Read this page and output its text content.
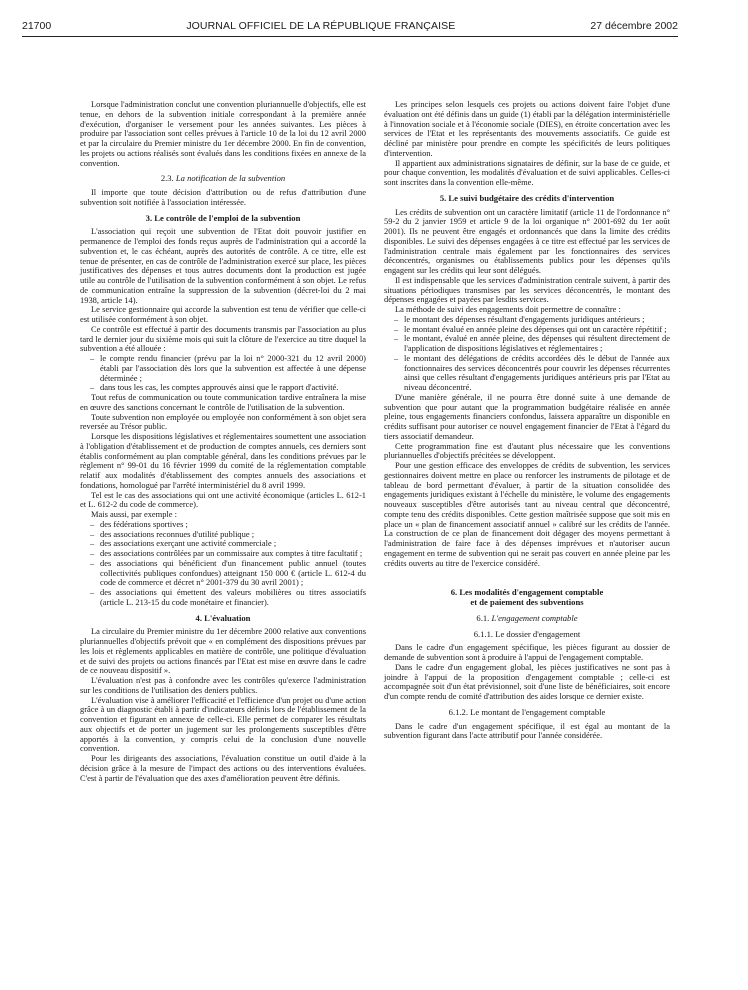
21700	JOURNAL OFFICIEL DE LA RÉPUBLIQUE FRANÇAISE	27 décembre 2002

Lorsque l'administration conclut une convention pluriannuelle d'objectifs, elle est tenue, en dehors de la subvention initiale correspondant à la première année d'exécution, d'organiser le versement pour les années suivantes. Les pièces à produire par l'association sont celles prévues à l'article 10 de la loi du 12 avril 2000 et par la circulaire du Premier ministre du 1er décembre 2000. En fin de convention, les projets ou actions réalisés sont évalués dans les conditions fixées en annexe de la convention.

2.3. La notification de la subvention

Il importe que toute décision d'attribution ou de refus d'attribution d'une subvention soit notifiée à l'association intéressée.

3. Le contrôle de l'emploi de la subvention

L'association qui reçoit une subvention de l'Etat doit pouvoir justifier en permanence de l'emploi des fonds reçus auprès de l'administration qui a accordé la subvention et, le cas échéant, auprès des autorités de contrôle. A ce titre, elle est tenue de présenter, en cas de contrôle de l'administration exercé sur place, les pièces justificatives des dépenses et tous autres documents dont la production est jugée utile au contrôle de l'utilisation de la subvention conformément à son objet. Le refus de communication entraîne la suppression de la subvention (décret-loi du 2 mai 1938, article 14).

Le service gestionnaire qui accorde la subvention est tenu de vérifier que celle-ci est utilisée conformément à son objet.

Ce contrôle est effectué à partir des documents transmis par l'association au plus tard le dernier jour du sixième mois qui suit la clôture de l'exercice au titre duquel la subvention a été allouée :

– le compte rendu financier (prévu par la loi n° 2000-321 du 12 avril 2000) établi par l'association dès lors que la subvention est affectée à une dépense déterminée ;
– dans tous les cas, les comptes approuvés ainsi que le rapport d'activité.

Tout refus de communication ou toute communication tardive entraînera la mise en œuvre des sanctions concernant le contrôle de l'utilisation de la subvention.

Toute subvention non employée ou employée non conformément à son objet sera reversée au Trésor public.

Lorsque les dispositions législatives et réglementaires soumettent une association à l'obligation d'établissement et de production de comptes annuels, ces derniers sont établis conformément au plan comptable général, dans les conditions prévues par le règlement n° 99-01 du 16 février 1999 du comité de la réglementation comptable relatif aux modalités d'établissement des comptes annuels des associations et fondations, homologué par l'arrêté interministériel du 8 avril 1999.

Tel est le cas des associations qui ont une activité économique (articles L. 612-1 et L. 612-2 du code de commerce).

Mais aussi, par exemple :

– des fédérations sportives ;
– des associations reconnues d'utilité publique ;
– des associations exerçant une activité commerciale ;
– des associations contrôlées par un commissaire aux comptes à titre facultatif ;
– des associations qui bénéficient d'un financement public annuel (toutes collectivités publiques confondues) atteignant 150 000 € (article L. 612-4 du code de commerce et décret n° 2001-379 du 30 avril 2001) ;
– des associations qui émettent des valeurs mobilières ou titres associatifs (article L. 213-15 du code monétaire et financier).
4. L'évaluation

La circulaire du Premier ministre du 1er décembre 2000 relative aux conventions pluriannuelles d'objectifs prévoit que « en complément des dispositions prévues par les lois et règlements applicables en matière de contrôle, une politique d'évaluation et de suivi des projets ou actions financés par l'Etat est mise en œuvre dans le cadre de ce nouveau dispositif ».

L'évaluation n'est pas à confondre avec les contrôles qu'exerce l'administration sur les conditions de l'utilisation des deniers publics.

L'évaluation vise à améliorer l'efficacité et l'efficience d'un projet ou d'une action grâce à un diagnostic établi à partir d'indicateurs définis lors de l'établissement de la convention et figurant en annexe de celle-ci. Elle permet de comparer les résultats aux objectifs et de porter un jugement sur les prolongements susceptibles d'être apportés à la convention, y compris celui de la conclusion d'une nouvelle convention.

Pour les dirigeants des associations, l'évaluation constitue un outil d'aide à la décision grâce à la mesure de l'impact des actions ou des interventions évaluées. C'est à partir de l'évaluation que des axes d'amélioration peuvent être définis.

Les principes selon lesquels ces projets ou actions doivent faire l'objet d'une évaluation ont été définis dans un guide (1) établi par la délégation interministérielle à l'innovation sociale et à l'économie sociale (DIES), en étroite concertation avec les services de l'Etat et les représentants des mouvements associatifs. Ce guide est décliné par ministère pour prendre en compte les spécificités de leurs politiques d'intervention.

Il appartient aux administrations signataires de définir, sur la base de ce guide, et pour chaque convention, les modalités d'évaluation et de suivi applicables. Celles-ci sont inscrites dans la convention elle-même.

5. Le suivi budgétaire des crédits d'intervention

Les crédits de subvention ont un caractère limitatif (article 11 de l'ordonnance n° 59-2 du 2 janvier 1959 et article 9 de la loi organique n° 2001-692 du 1er août 2001). Ils ne peuvent être engagés et ordonnancés que dans la limite des crédits disponibles. Le suivi des dépenses engagées à ce titre est effectué par les services de l'administration centrale mais également par les fonctionnaires des services déconcentrés, organismes ou établissements publics pour les dépenses qu'ils engagent sur les crédits qui leur sont délégués.

Il est indispensable que les services d'administration centrale suivent, à partir des situations périodiques transmises par les services déconcentrés, le montant des dépenses engagées et payées par lesdits services.

La méthode de suivi des engagements doit permettre de connaître :

– le montant des dépenses résultant d'engagements juridiques antérieurs ;
– le montant évalué en année pleine des dépenses qui ont un caractère répétitif ;
– le montant, évalué en année pleine, des dépenses qui résultent directement de l'application de dispositions législatives et réglementaires ;
– le montant des délégations de crédits accordées dès le début de l'année aux fonctionnaires des services déconcentrés pour couvrir les dépenses récurrentes ainsi que celles résultant d'engagements juridiques antérieurs pris par l'Etat au niveau déconcentré.

D'une manière générale, il ne pourra être donné suite à une demande de subvention que pour autant que la programmation budgétaire réalisée en année pleine, tous engagements financiers confondus, laissera apparaître un disponible en crédits suffisant pour autoriser ce nouvel engagement financier de l'Etat à l'égard du tiers associatif demandeur.

Cette programmation fine est d'autant plus nécessaire que les conventions pluriannuelles d'objectifs précitées se développent.

Pour une gestion efficace des enveloppes de crédits de subvention, les services gestionnaires doivent mettre en place ou renforcer les instruments de pilotage et de tableau de bord permettant d'évaluer, à partir de la situation consolidée des engagements juridiques existant à l'échelle du ministère, le volume des engagements nouveaux susceptibles d'être autorisés tant au niveau central que déconcentré, compte tenu des crédits disponibles. Cette gestion maîtrisée suppose que soit mis en place un « plan de financement associatif annuel » calibré sur les crédits de l'année. La construction de ce plan de financement doit dégager des moyens permettant à l'administration de faire face à des dépenses imprévues et n'autoriser aucun engagement en terme de subvention qui ne serait pas couvert en année pleine par les crédits ouverts au titre de l'exercice considéré.

6. Les modalités d'engagement comptable
et de paiement des subventions
6.1. L'engagement comptable
6.1.1. Le dossier d'engagement

Dans le cadre d'un engagement spécifique, les pièces figurant au dossier de demande de subvention sont à produire à l'appui de l'engagement comptable.

Dans le cadre d'un engagement global, les pièces justificatives ne sont pas à joindre à l'appui de la proposition d'engagement comptable ; celle-ci est accompagnée soit d'un état prévisionnel, soit d'une liste de bénéficiaires, soit encore d'un compte rendu de comité d'attribution des aides lorsque ce dernier existe.

6.1.2. Le montant de l'engagement comptable

Dans le cadre d'un engagement spécifique, il est égal au montant de la subvention figurant dans l'acte attributif pour l'année considérée.
